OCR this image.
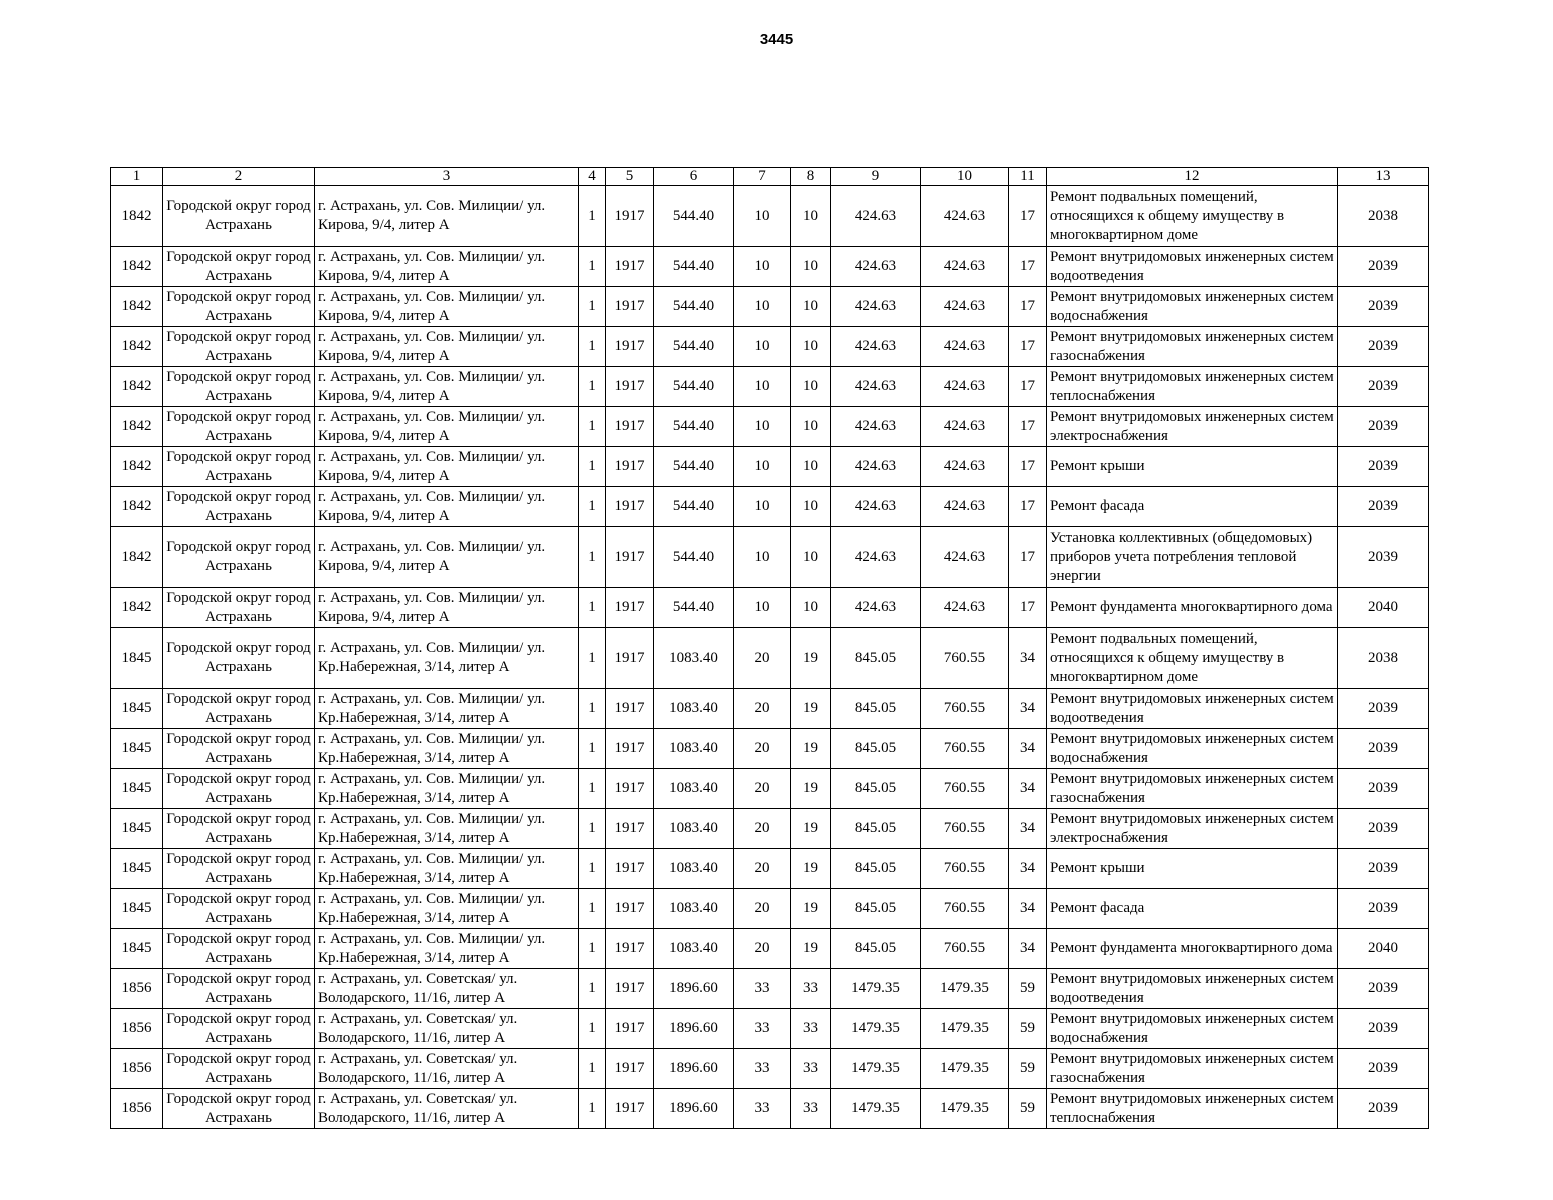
3445
1	2	3	4	5	6	7	8	9	10	11	12	13
1842	Городской округ город Астрахань	г. Астрахань, ул. Сов. Милиции/ ул. Кирова, 9/4, литер А	1	1917	544.40	10	10	424.63	424.63	17	Ремонт подвальных помещений, относящихся к общему имуществу в многоквартирном доме	2038
1842	Городской округ город Астрахань	г. Астрахань, ул. Сов. Милиции/ ул. Кирова, 9/4, литер А	1	1917	544.40	10	10	424.63	424.63	17	Ремонт внутридомовых инженерных систем водоотведения	2039
1842	Городской округ город Астрахань	г. Астрахань, ул. Сов. Милиции/ ул. Кирова, 9/4, литер А	1	1917	544.40	10	10	424.63	424.63	17	Ремонт внутридомовых инженерных систем водоснабжения	2039
1842	Городской округ город Астрахань	г. Астрахань, ул. Сов. Милиции/ ул. Кирова, 9/4, литер А	1	1917	544.40	10	10	424.63	424.63	17	Ремонт внутридомовых инженерных систем газоснабжения	2039
1842	Городской округ город Астрахань	г. Астрахань, ул. Сов. Милиции/ ул. Кирова, 9/4, литер А	1	1917	544.40	10	10	424.63	424.63	17	Ремонт внутридомовых инженерных систем теплоснабжения	2039
1842	Городской округ город Астрахань	г. Астрахань, ул. Сов. Милиции/ ул. Кирова, 9/4, литер А	1	1917	544.40	10	10	424.63	424.63	17	Ремонт внутридомовых инженерных систем электроснабжения	2039
1842	Городской округ город Астрахань	г. Астрахань, ул. Сов. Милиции/ ул. Кирова, 9/4, литер А	1	1917	544.40	10	10	424.63	424.63	17	Ремонт крыши	2039
1842	Городской округ город Астрахань	г. Астрахань, ул. Сов. Милиции/ ул. Кирова, 9/4, литер А	1	1917	544.40	10	10	424.63	424.63	17	Ремонт фасада	2039
1842	Городской округ город Астрахань	г. Астрахань, ул. Сов. Милиции/ ул. Кирова, 9/4, литер А	1	1917	544.40	10	10	424.63	424.63	17	Установка коллективных (общедомовых) приборов учета потребления тепловой энергии	2039
1842	Городской округ город Астрахань	г. Астрахань, ул. Сов. Милиции/ ул. Кирова, 9/4, литер А	1	1917	544.40	10	10	424.63	424.63	17	Ремонт фундамента многоквартирного дома	2040
1845	Городской округ город Астрахань	г. Астрахань, ул. Сов. Милиции/ ул. Кр.Набережная, 3/14, литер А	1	1917	1083.40	20	19	845.05	760.55	34	Ремонт подвальных помещений, относящихся к общему имуществу в многоквартирном доме	2038
1845	Городской округ город Астрахань	г. Астрахань, ул. Сов. Милиции/ ул. Кр.Набережная, 3/14, литер А	1	1917	1083.40	20	19	845.05	760.55	34	Ремонт внутридомовых инженерных систем водоотведения	2039
1845	Городской округ город Астрахань	г. Астрахань, ул. Сов. Милиции/ ул. Кр.Набережная, 3/14, литер А	1	1917	1083.40	20	19	845.05	760.55	34	Ремонт внутридомовых инженерных систем водоснабжения	2039
1845	Городской округ город Астрахань	г. Астрахань, ул. Сов. Милиции/ ул. Кр.Набережная, 3/14, литер А	1	1917	1083.40	20	19	845.05	760.55	34	Ремонт внутридомовых инженерных систем газоснабжения	2039
1845	Городской округ город Астрахань	г. Астрахань, ул. Сов. Милиции/ ул. Кр.Набережная, 3/14, литер А	1	1917	1083.40	20	19	845.05	760.55	34	Ремонт внутридомовых инженерных систем электроснабжения	2039
1845	Городской округ город Астрахань	г. Астрахань, ул. Сов. Милиции/ ул. Кр.Набережная, 3/14, литер А	1	1917	1083.40	20	19	845.05	760.55	34	Ремонт крыши	2039
1845	Городской округ город Астрахань	г. Астрахань, ул. Сов. Милиции/ ул. Кр.Набережная, 3/14, литер А	1	1917	1083.40	20	19	845.05	760.55	34	Ремонт фасада	2039
1845	Городской округ город Астрахань	г. Астрахань, ул. Сов. Милиции/ ул. Кр.Набережная, 3/14, литер А	1	1917	1083.40	20	19	845.05	760.55	34	Ремонт фундамента многоквартирного дома	2040
1856	Городской округ город Астрахань	г. Астрахань, ул. Советская/ ул. Володарского, 11/16, литер А	1	1917	1896.60	33	33	1479.35	1479.35	59	Ремонт внутридомовых инженерных систем водоотведения	2039
1856	Городской округ город Астрахань	г. Астрахань, ул. Советская/ ул. Володарского, 11/16, литер А	1	1917	1896.60	33	33	1479.35	1479.35	59	Ремонт внутридомовых инженерных систем водоснабжения	2039
1856	Городской округ город Астрахань	г. Астрахань, ул. Советская/ ул. Володарского, 11/16, литер А	1	1917	1896.60	33	33	1479.35	1479.35	59	Ремонт внутридомовых инженерных систем газоснабжения	2039
1856	Городской округ город Астрахань	г. Астрахань, ул. Советская/ ул. Володарского, 11/16, литер А	1	1917	1896.60	33	33	1479.35	1479.35	59	Ремонт внутридомовых инженерных систем теплоснабжения	2039
